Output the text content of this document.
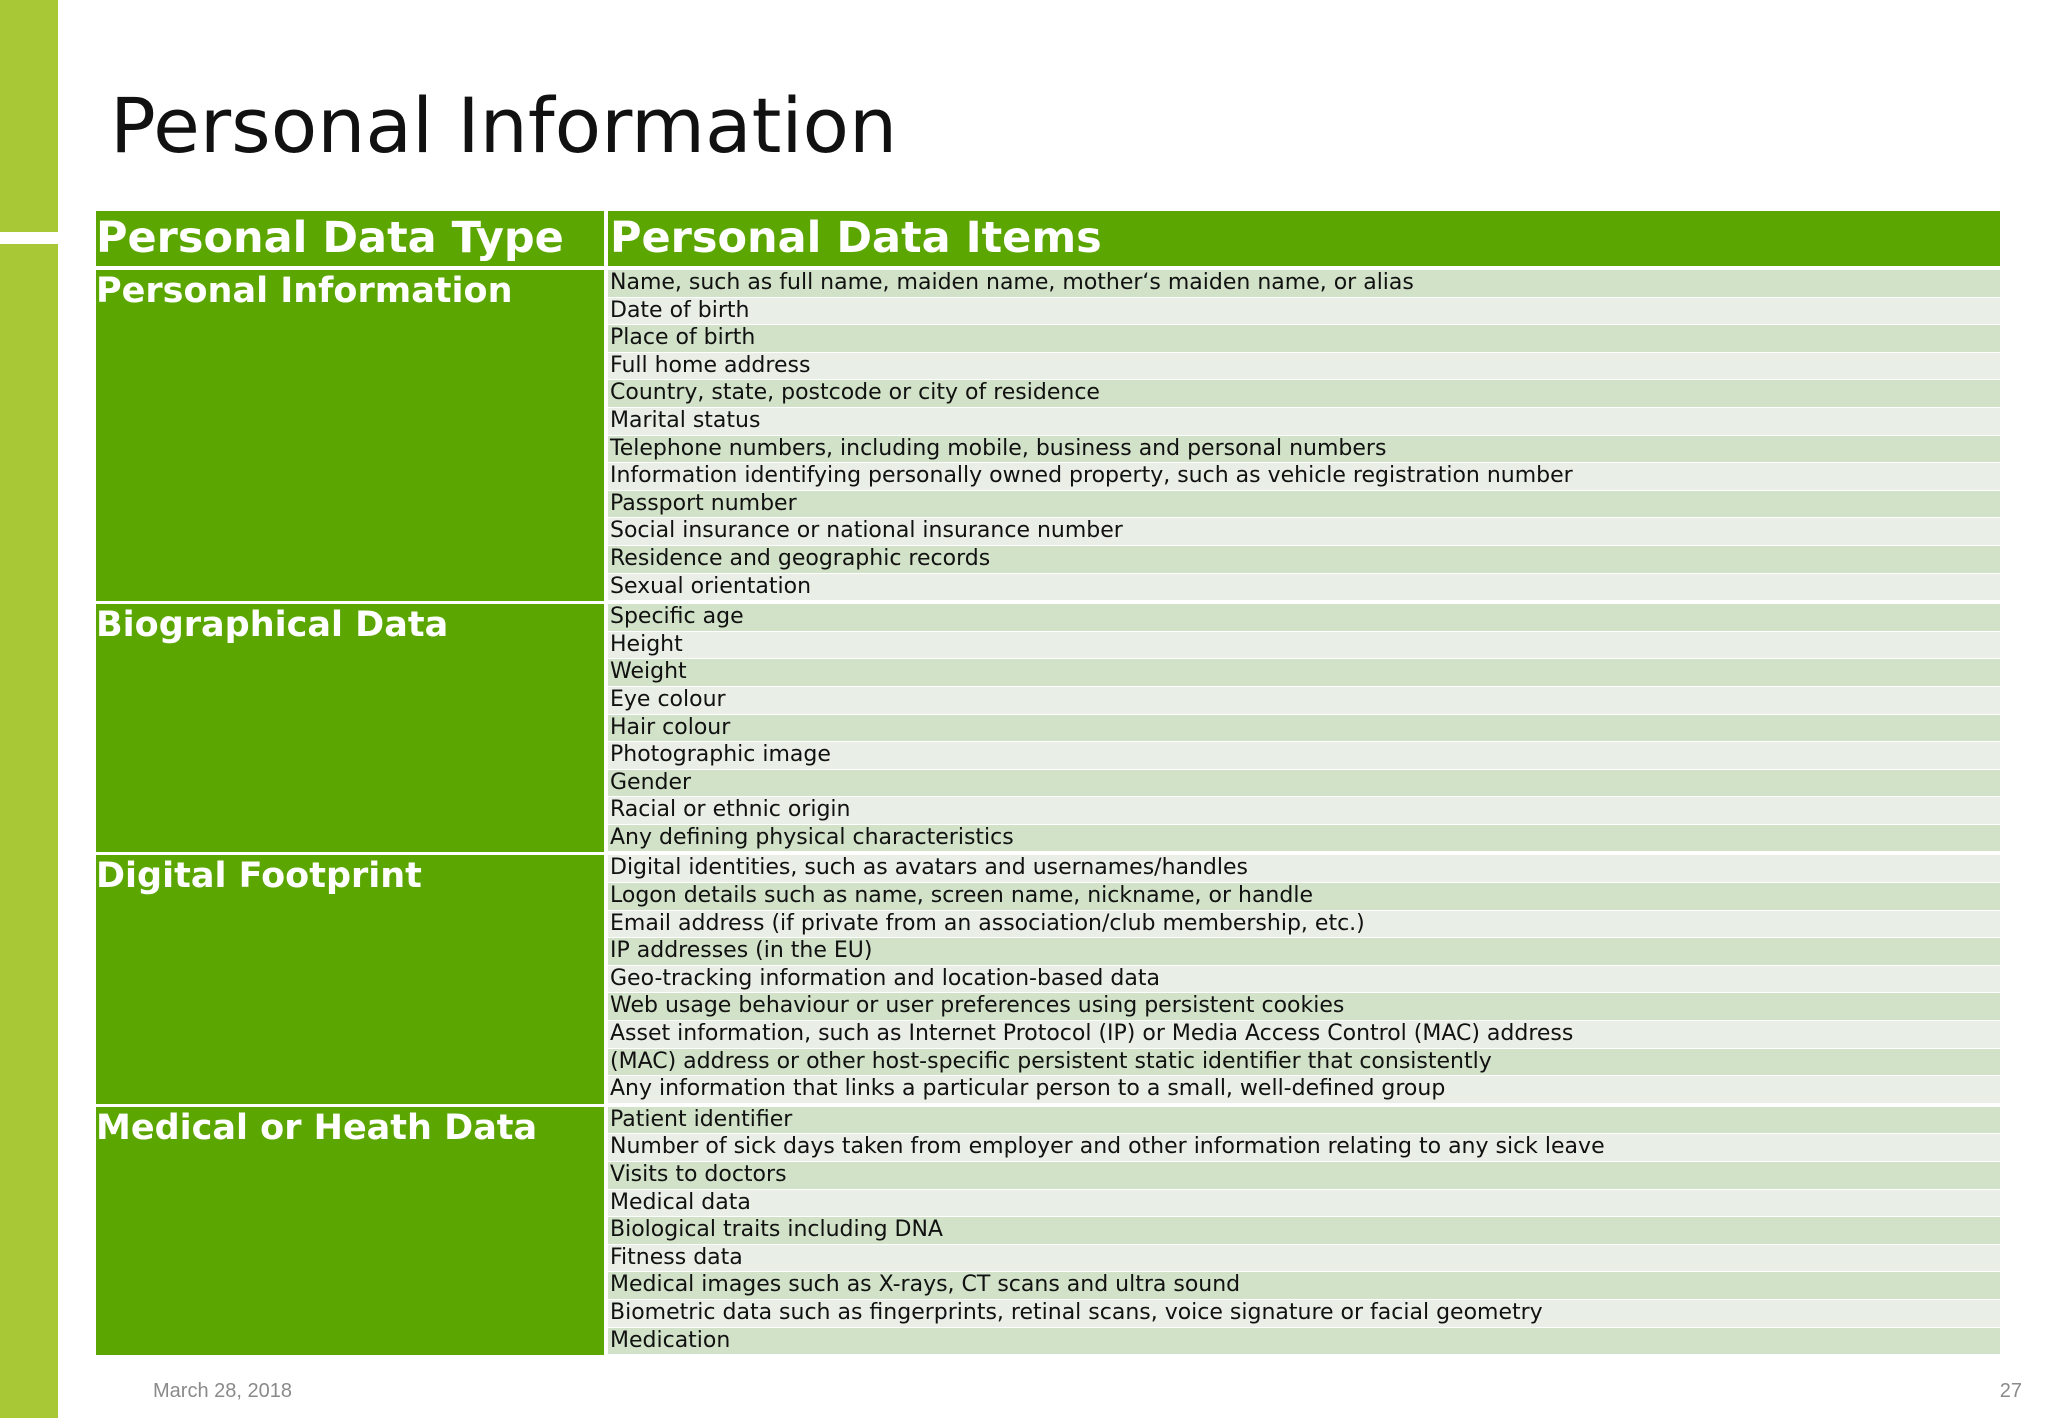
Personal Information
Personal Data Type	Personal Data Items
Personal Information	Name, such as full name, maiden name, mother‘s maiden name, or alias
Date of birth
Place of birth
Full home address
Country, state, postcode or city of residence
Marital status
Telephone numbers, including mobile, business and personal numbers
Information identifying personally owned property, such as vehicle registration number
Passport number
Social insurance or national insurance number
Residence and geographic records
Sexual orientation
Biographical Data	Specific age
Height
Weight
Eye colour
Hair colour
Photographic image
Gender
Racial or ethnic origin
Any defining physical characteristics
Digital Footprint	Digital identities, such as avatars and usernames/handles
Logon details such as name, screen name, nickname, or handle
Email address (if private from an association/club membership, etc.)
IP addresses (in the EU)
Geo-tracking information and location-based data
Web usage behaviour or user preferences using persistent cookies
Asset information, such as Internet Protocol (IP) or Media Access Control (MAC) address
(MAC) address or other host-specific persistent static identifier that consistently
Any information that links a particular person to a small, well-defined group
Medical or Heath Data	Patient identifier
Number of sick days taken from employer and other information relating to any sick leave
Visits to doctors
Medical data
Biological traits including DNA
Fitness data
Medical images such as X-rays, CT scans and ultra sound
Biometric data such as fingerprints, retinal scans, voice signature or facial geometry
Medication
March 28, 2018	27
